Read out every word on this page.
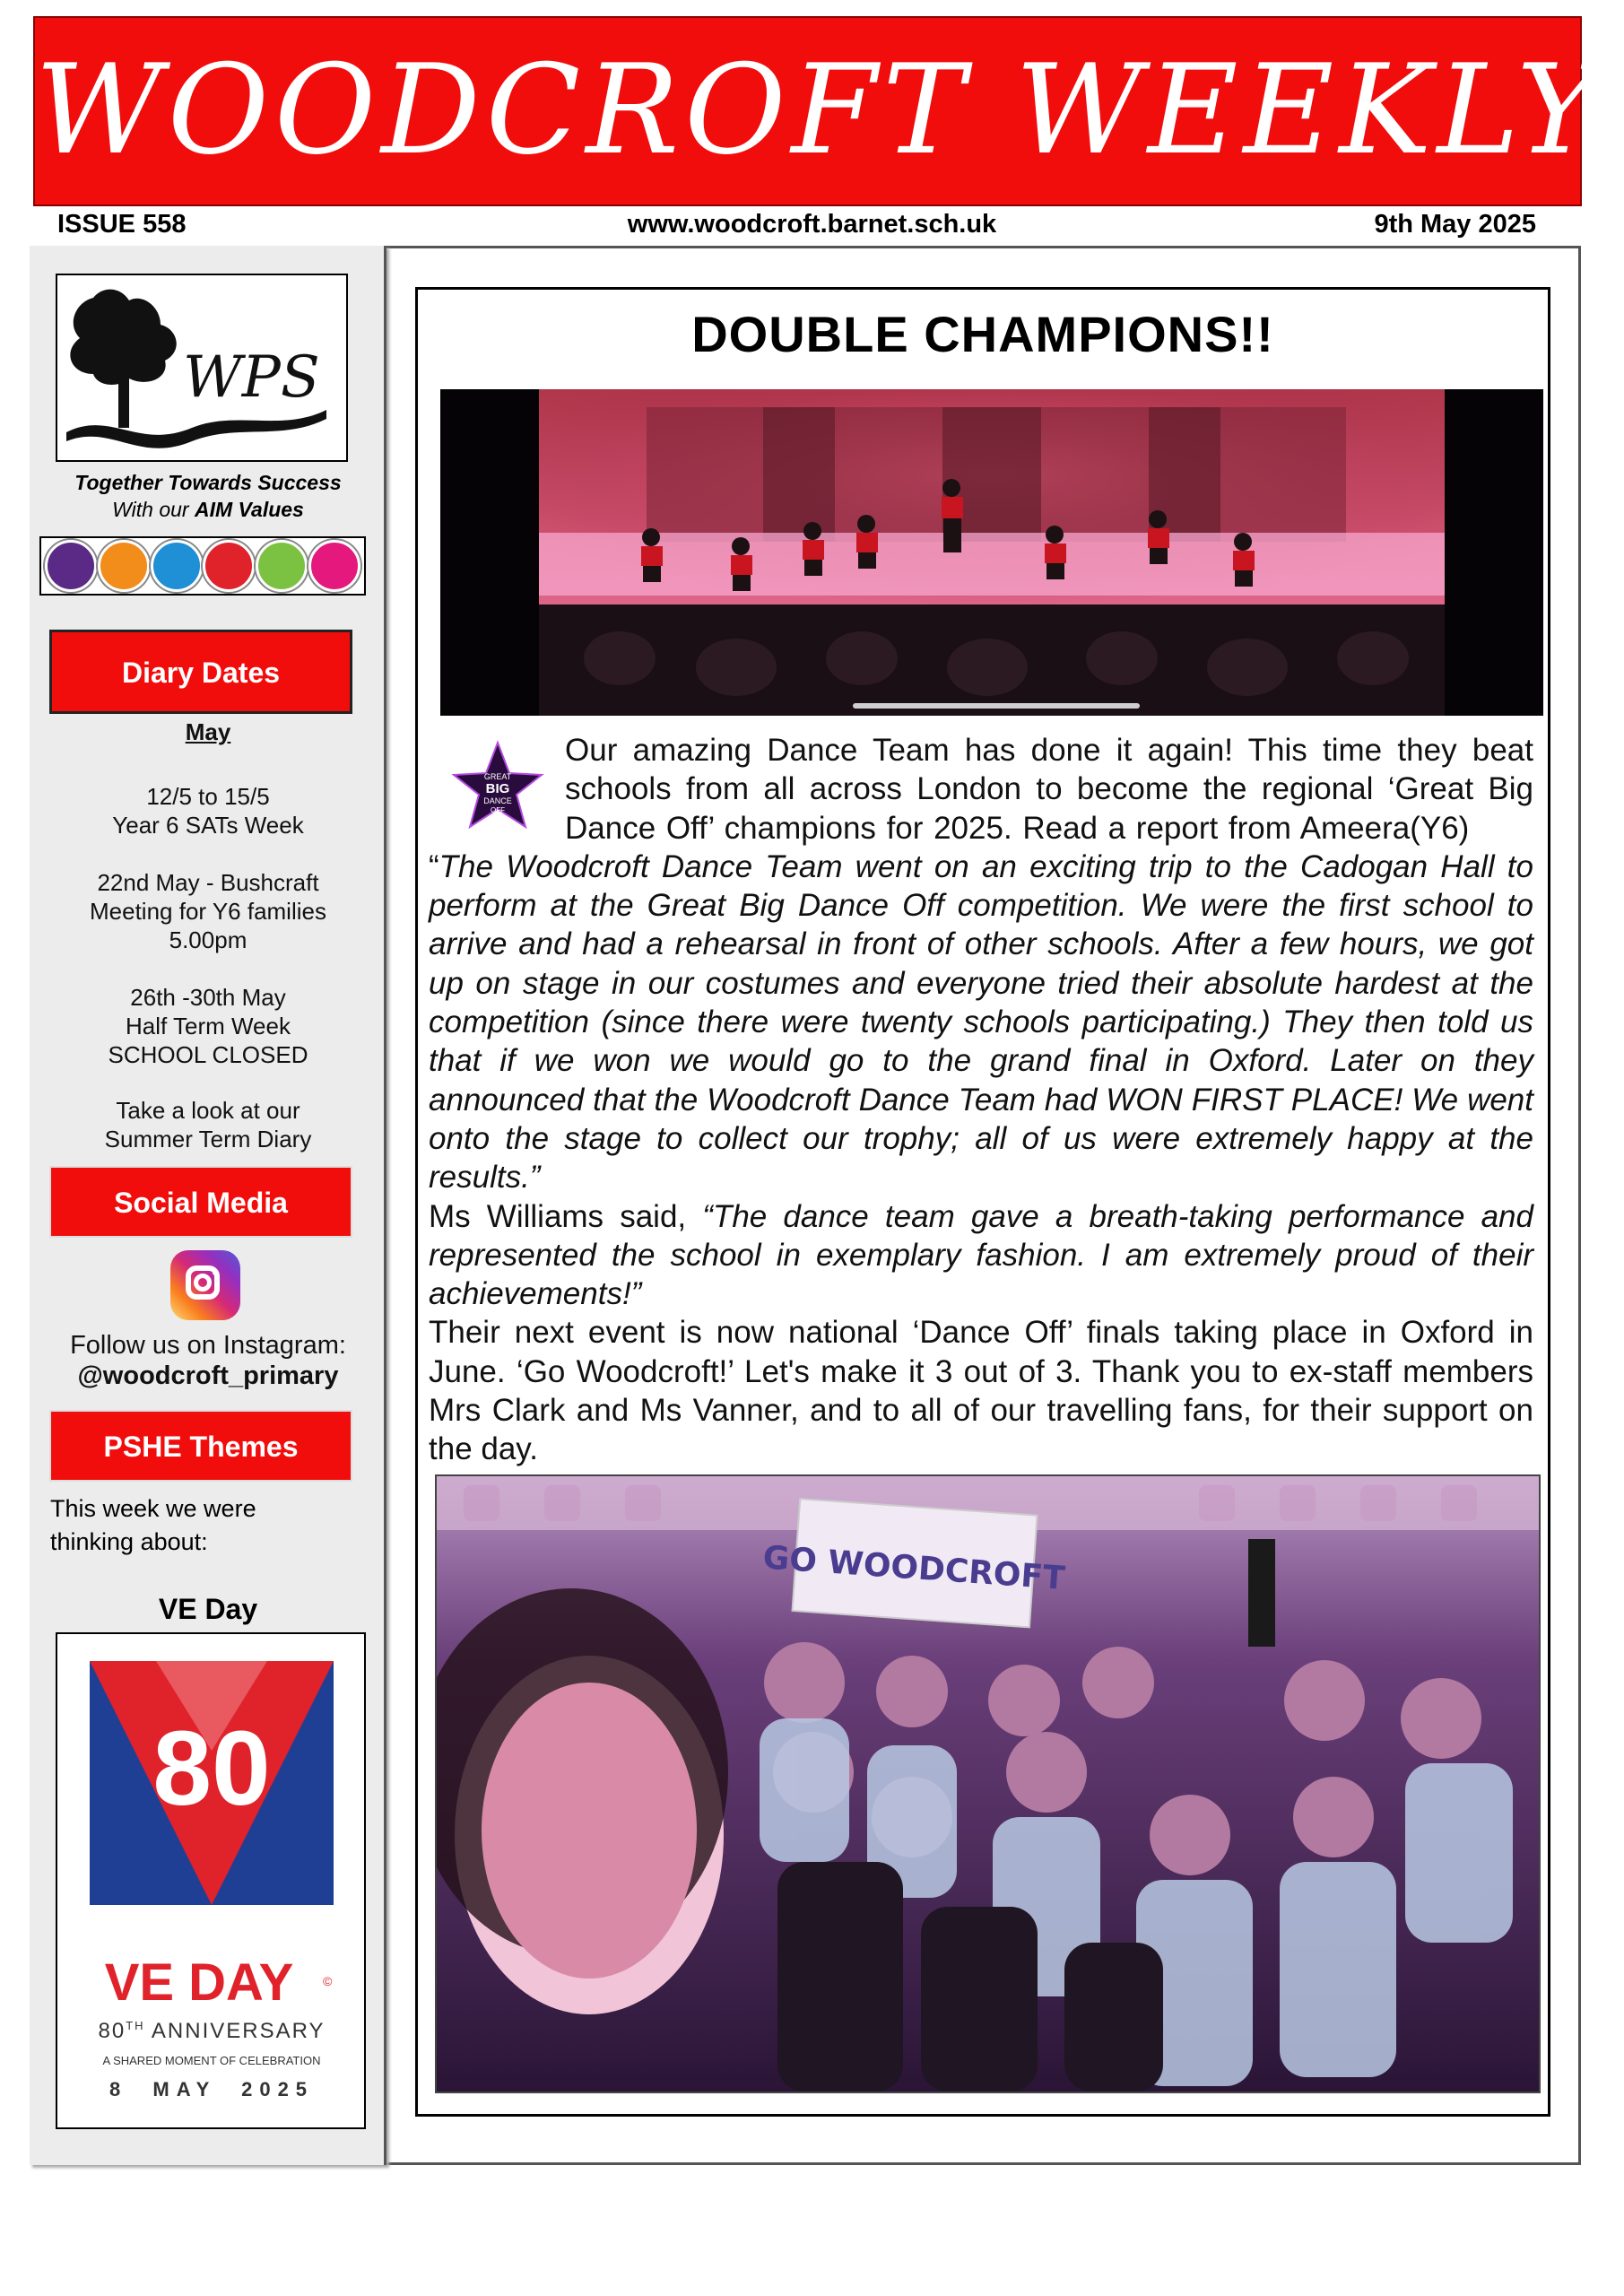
WOODCROFT WEEKLY
ISSUE 558	www.woodcroft.barnet.sch.uk	9th May 2025
WPS
Together Towards Success
With our AIM Values
Diary Dates
May
12/5 to 15/5
Year 6 SATs Week
22nd May - Bushcraft
Meeting for Y6 families
5.00pm
26th -30th May
Half Term Week
SCHOOL CLOSED
Take a look at our
Summer Term Diary
Social Media
Follow us on Instagram:
@woodcroft_primary
PSHE Themes
This week we were thinking about:
VE Day
80
VE DAY ©
80TH ANNIVERSARY
A SHARED MOMENT OF CELEBRATION
8  MAY  2025
DOUBLE CHAMPIONS!!
GREAT
BIG
DANCE
OFF

Our amazing Dance Team has done it again! This time they beat schools from all across London to become the regional ‘Great Big Dance Off’ champions for 2025. Read a report from Ameera(Y6) “The Woodcroft Dance Team went on an exciting trip to the Cadogan Hall to perform at the Great Big Dance Off competition. We were the first school to arrive and had a rehearsal in front of other schools. After a few hours, we got up on stage in our costumes and everyone tried their absolute hardest at the competition (since there were twenty schools participating.) They then told us that if we won we would go to the grand final in Oxford. Later on they announced that the Woodcroft Dance Team had WON FIRST PLACE! We went onto the stage to collect our trophy; all of us were extremely happy at the results.”

Ms Williams said, “The dance team gave a breath-taking performance and represented the school in exemplary fashion. I am extremely proud of their achievements!”

Their next event is now national ‘Dance Off’ finals taking place in Oxford in June. ‘Go Woodcroft!’ Let's make it 3 out of 3. Thank you to ex-staff members Mrs Clark and Ms Vanner, and to all of our travelling fans, for their support on the day.

GO WOODCROFT
